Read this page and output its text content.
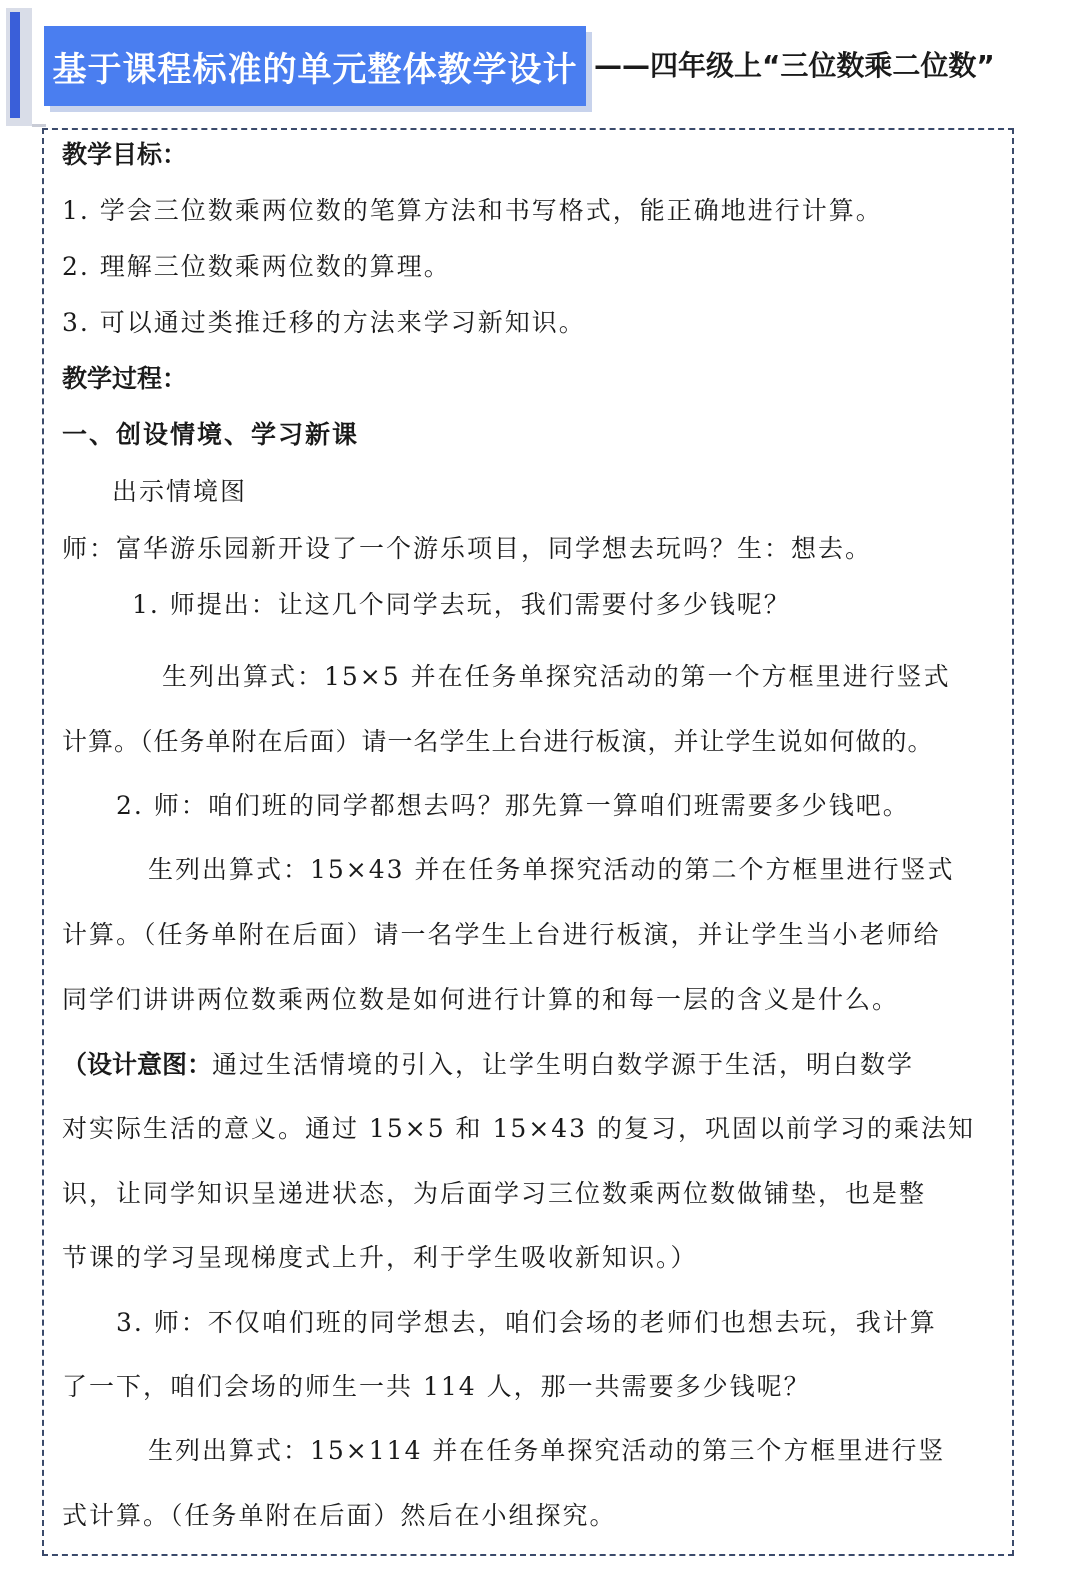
基于课程标准的单元整体教学设计 ——四年级上“三位数乘二位数”
教学目标：
1. 学会三位数乘两位数的笔算方法和书写格式，能正确地进行计算。
2. 理解三位数乘两位数的算理。
3. 可以通过类推迁移的方法来学习新知识。
教学过程：
一、创设情境、学习新课
出示情境图
师：富华游乐园新开设了一个游乐项目，同学想去玩吗？生：想去。
1. 师提出：让这几个同学去玩，我们需要付多少钱呢？
生列出算式：15×5 并在任务单探究活动的第一个方框里进行竖式
计算。（任务单附在后面）请一名学生上台进行板演，并让学生说如何做的。
2. 师：咱们班的同学都想去吗？那先算一算咱们班需要多少钱吧。
生列出算式：15×43 并在任务单探究活动的第二个方框里进行竖式
计算。（任务单附在后面）请一名学生上台进行板演，并让学生当小老师给
同学们讲讲两位数乘两位数是如何进行计算的和每一层的含义是什么。
（设计意图：通过生活情境的引入，让学生明白数学源于生活，明白数学
对实际生活的意义。通过 15×5 和 15×43 的复习，巩固以前学习的乘法知
识，让同学知识呈递进状态，为后面学习三位数乘两位数做铺垫，也是整
节课的学习呈现梯度式上升，利于学生吸收新知识。）
3. 师：不仅咱们班的同学想去，咱们会场的老师们也想去玩，我计算
了一下，咱们会场的师生一共 114 人，那一共需要多少钱呢？
生列出算式：15×114 并在任务单探究活动的第三个方框里进行竖
式计算。（任务单附在后面）然后在小组探究。
